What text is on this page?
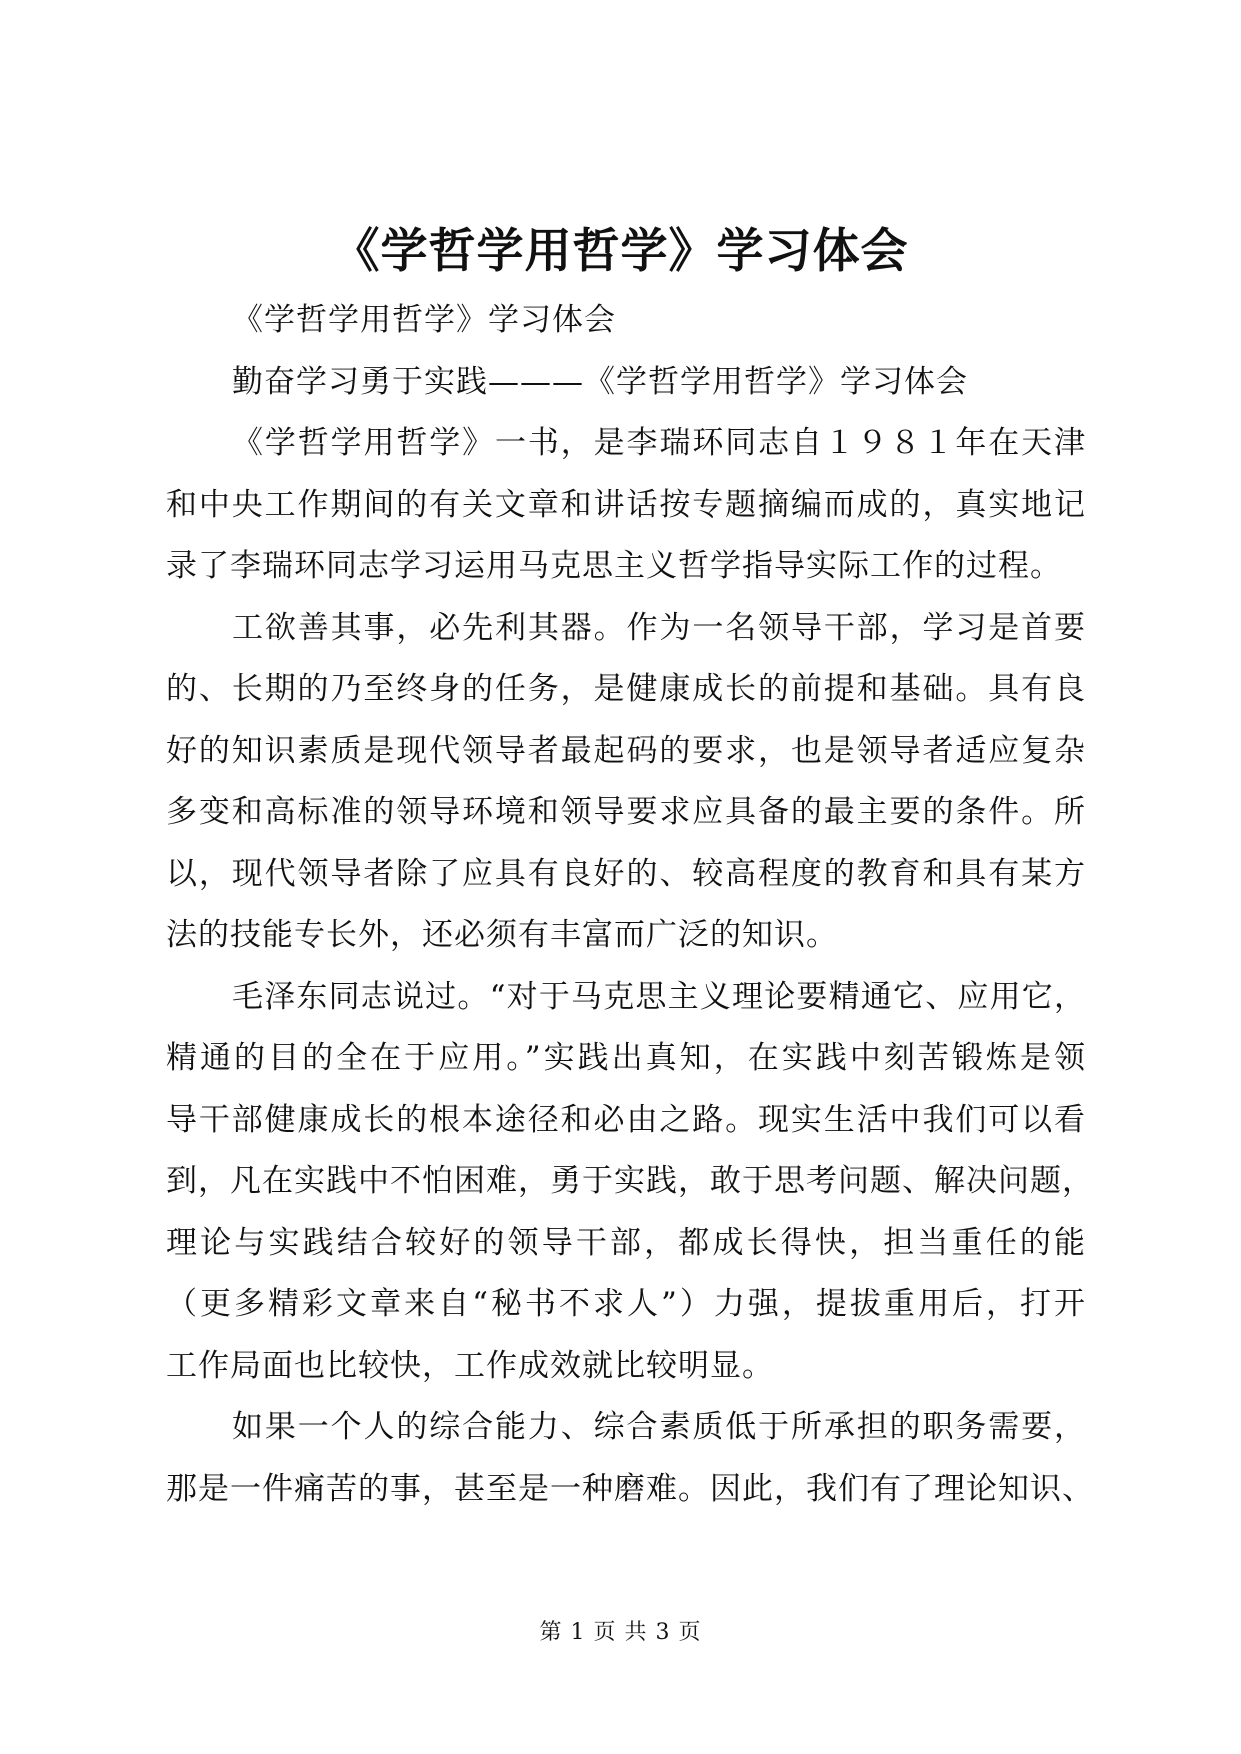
《学哲学用哲学》学习体会
《学哲学用哲学》学习体会
勤奋学习勇于实践———《学哲学用哲学》学习体会
《学哲学用哲学》一书，是李瑞环同志自１９８１年在天津
和中央工作期间的有关文章和讲话按专题摘编而成的，真实地记
录了李瑞环同志学习运用马克思主义哲学指导实际工作的过程。
工欲善其事，必先利其器。作为一名领导干部，学习是首要
的、长期的乃至终身的任务，是健康成长的前提和基础。具有良
好的知识素质是现代领导者最起码的要求，也是领导者适应复杂
多变和高标准的领导环境和领导要求应具备的最主要的条件。所
以，现代领导者除了应具有良好的、较高程度的教育和具有某方
法的技能专长外，还必须有丰富而广泛的知识。
毛泽东同志说过。“对于马克思主义理论要精通它、应用它，
精通的目的全在于应用。”实践出真知，在实践中刻苦锻炼是领
导干部健康成长的根本途径和必由之路。现实生活中我们可以看
到，凡在实践中不怕困难，勇于实践，敢于思考问题、解决问题，
理论与实践结合较好的领导干部，都成长得快，担当重任的能
（更多精彩文章来自“秘书不求人”）力强，提拔重用后，打开
工作局面也比较快，工作成效就比较明显。
如果一个人的综合能力、综合素质低于所承担的职务需要，
那是一件痛苦的事，甚至是一种磨难。因此，我们有了理论知识、
第 1 页 共 3 页
